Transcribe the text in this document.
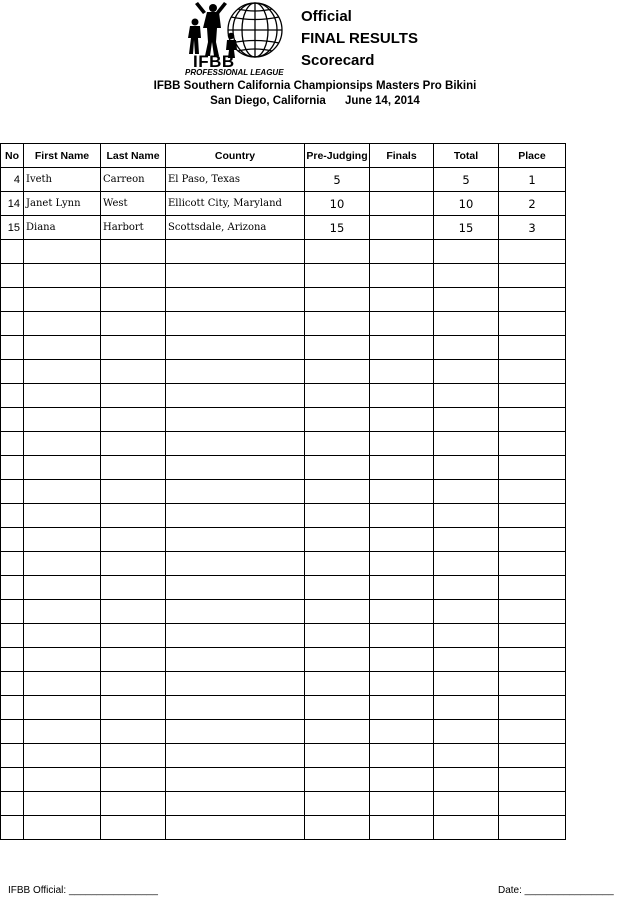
IFBB
PROFESSIONAL LEAGUE
Official
FINAL RESULTS
Scorecard
IFBB Southern California Championsips Masters Pro Bikini
San Diego, California      June 14, 2014
No	First Name	Last Name	Country	Pre-Judging	Finals	Total	Place
4	Iveth	Carreon	El Paso, Texas	5		5	1
14	Janet Lynn	West	Ellicott City, Maryland	10		10	2
15	Diana	Harbort	Scottsdale, Arizona	15		15	3

IFBB Official: ________________	Date: ________________
